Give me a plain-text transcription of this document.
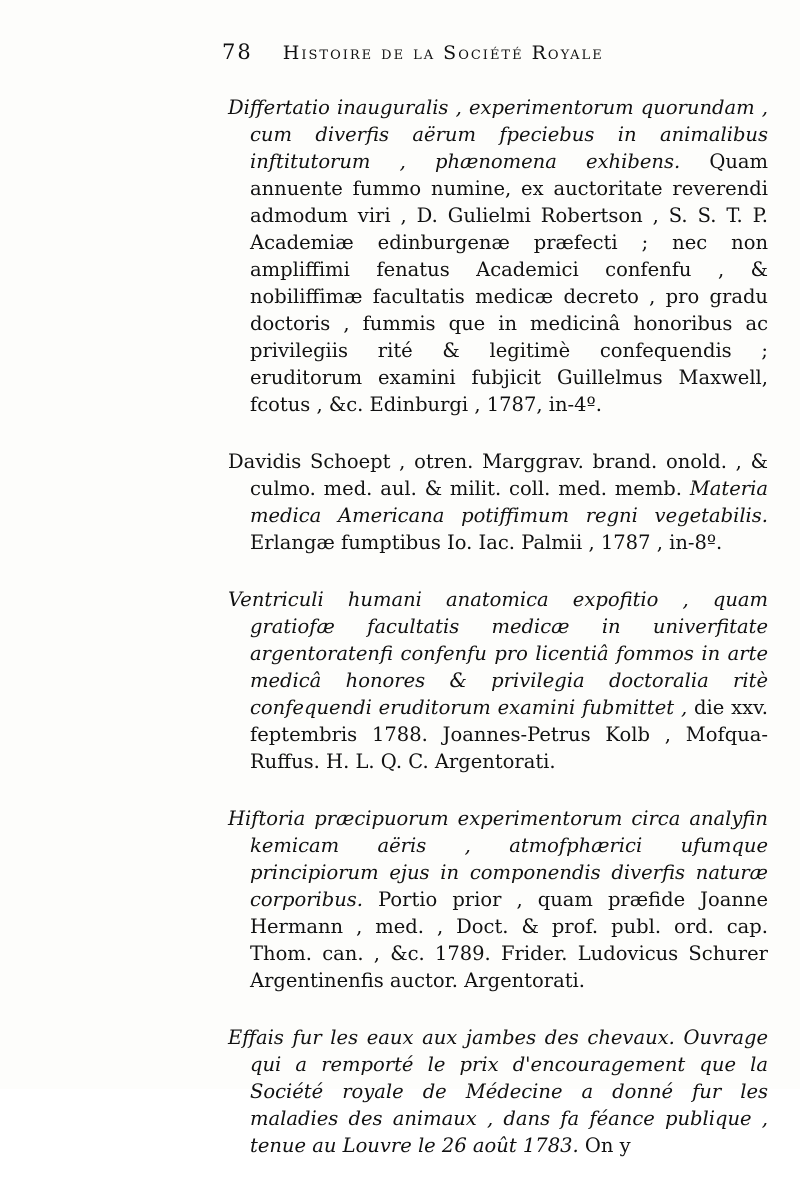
78 Histoire de la Société Royale

Differtatio inauguralis , experimentorum quorundam , cum diverfis aërum fpeciebus in animalibus inftitutorum , phænomena exhibens. Quam annuente fummo numine, ex auctoritate reverendi admodum viri , D. Gulielmi Robertson , S. S. T. P. Academiæ edinburgenæ præfecti ; nec non ampliffimi fenatus Academici confenfu , & nobiliffimæ facultatis medicæ decreto , pro gradu doctoris , fummis que in medicinâ honoribus ac privilegiis rité & legitimè confequendis ; eruditorum examini fubjicit Guillelmus Maxwell, fcotus , &c. Edinburgi , 1787, in-4º.

Davidis Schoept , otren. Marggrav. brand. onold. , & culmo. med. aul. & milit. coll. med. memb. Materia medica Americana potiffimum regni vegetabilis. Erlangæ fumptibus Io. Iac. Palmii , 1787 , in-8º.

Ventriculi humani anatomica expofitio , quam gratiofæ facultatis medicæ in univerfitate argentoratenfi confenfu pro licentiâ fommos in arte medicâ honores & privilegia doctoralia ritè confequendi eruditorum examini fubmittet , die xxv. feptembris 1788. Joannes-Petrus Kolb , Mofqua-Ruffus. H. L. Q. C. Argentorati.

Hiftoria præcipuorum experimentorum circa analyfin kemicam aëris , atmofphærici ufumque principiorum ejus in componendis diverfis naturæ corporibus. Portio prior , quam præfide Joanne Hermann , med. , Doct. & prof. publ. ord. cap. Thom. can. , &c. 1789. Frider. Ludovicus Schurer Argentinenfis auctor. Argentorati.

Effais fur les eaux aux jambes des chevaux. Ouvrage qui a remporté le prix d'encouragement que la Société royale de Médecine a donné fur les maladies des animaux , dans fa féance publique , tenue au Louvre le 26 août 1783. On y
